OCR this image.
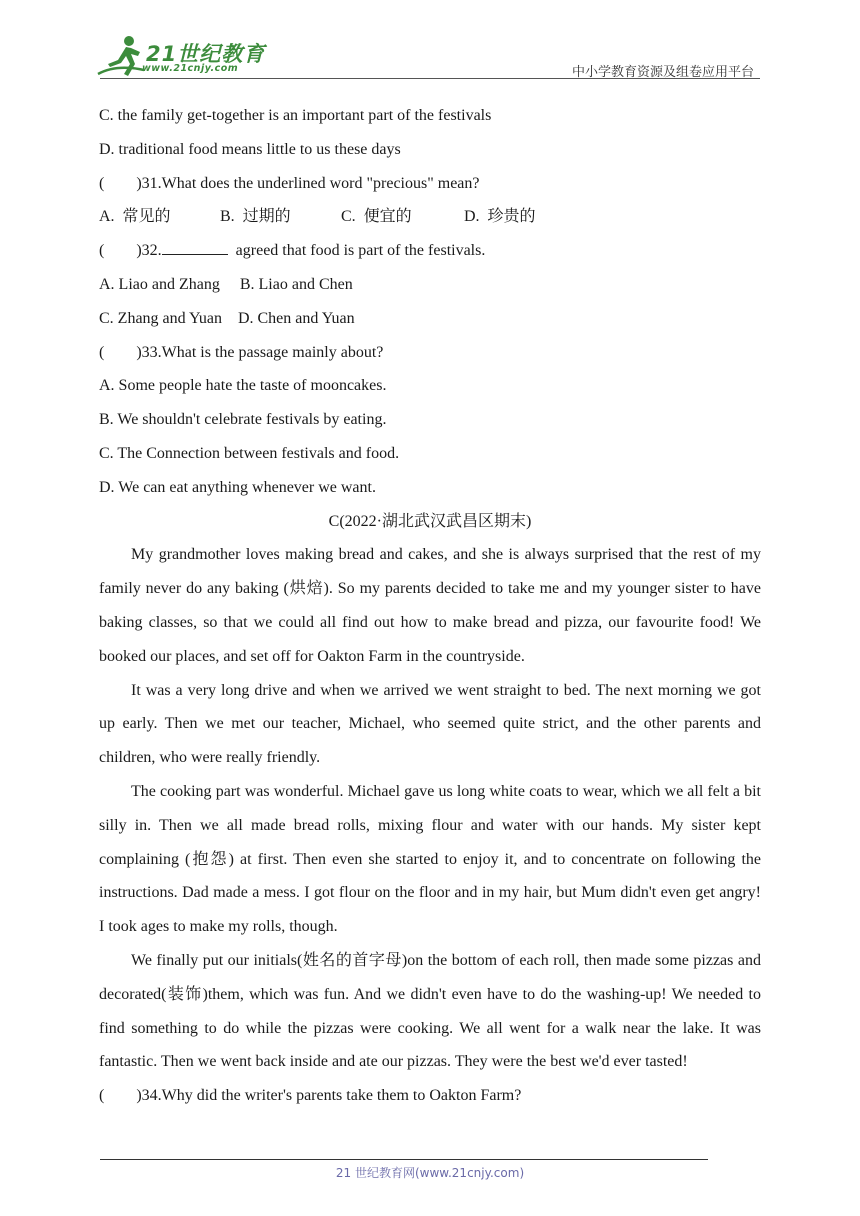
21世纪教育
www.21cnjy.com	中小学教育资源及组卷应用平台
C. the family get-together is an important part of the festivals
D. traditional food means little to us these days
(        )31.What does the underlined word "precious" mean?
A.  常见的	B.  过期的	C.  便宜的	D.  珍贵的
(        )32.	agreed that food is part of the festivals.
A. Liao and Zhang     B. Liao and Chen
C. Zhang and Yuan    D. Chen and Yuan
(        )33.What is the passage mainly about?
A. Some people hate the taste of mooncakes.
B. We shouldn't celebrate festivals by eating.
C. The Connection between festivals and food.
D. We can eat anything whenever we want.
C(2022·湖北武汉武昌区期末)

My grandmother loves making bread and cakes, and she is always surprised that the rest of my family never do any baking (烘焙). So my parents decided to take me and my younger sister to have baking classes, so that we could all find out how to make bread and pizza, our favourite food! We booked our places, and set off for Oakton Farm in the countryside.

It was a very long drive and when we arrived we went straight to bed. The next morning we got up early. Then we met our teacher, Michael, who seemed quite strict, and the other parents and children, who were really friendly.

The cooking part was wonderful. Michael gave us long white coats to wear, which we all felt a bit silly in. Then we all made bread rolls, mixing flour and water with our hands. My sister kept complaining (抱怨) at first. Then even she started to enjoy it, and to concentrate on following the instructions. Dad made a mess. I got flour on the floor and in my hair, but Mum didn't even get angry! I took ages to make my rolls, though.

We finally put our initials(姓名的首字母)on the bottom of each roll, then made some pizzas and decorated(装饰)them, which was fun. And we didn't even have to do the washing-up! We needed to find something to do while the pizzas were cooking. We all went for a walk near the lake. It was fantastic. Then we went back inside and ate our pizzas. They were the best we'd ever tasted!

(        )34.Why did the writer's parents take them to Oakton Farm?
21 世纪教育网(www.21cnjy.com)
